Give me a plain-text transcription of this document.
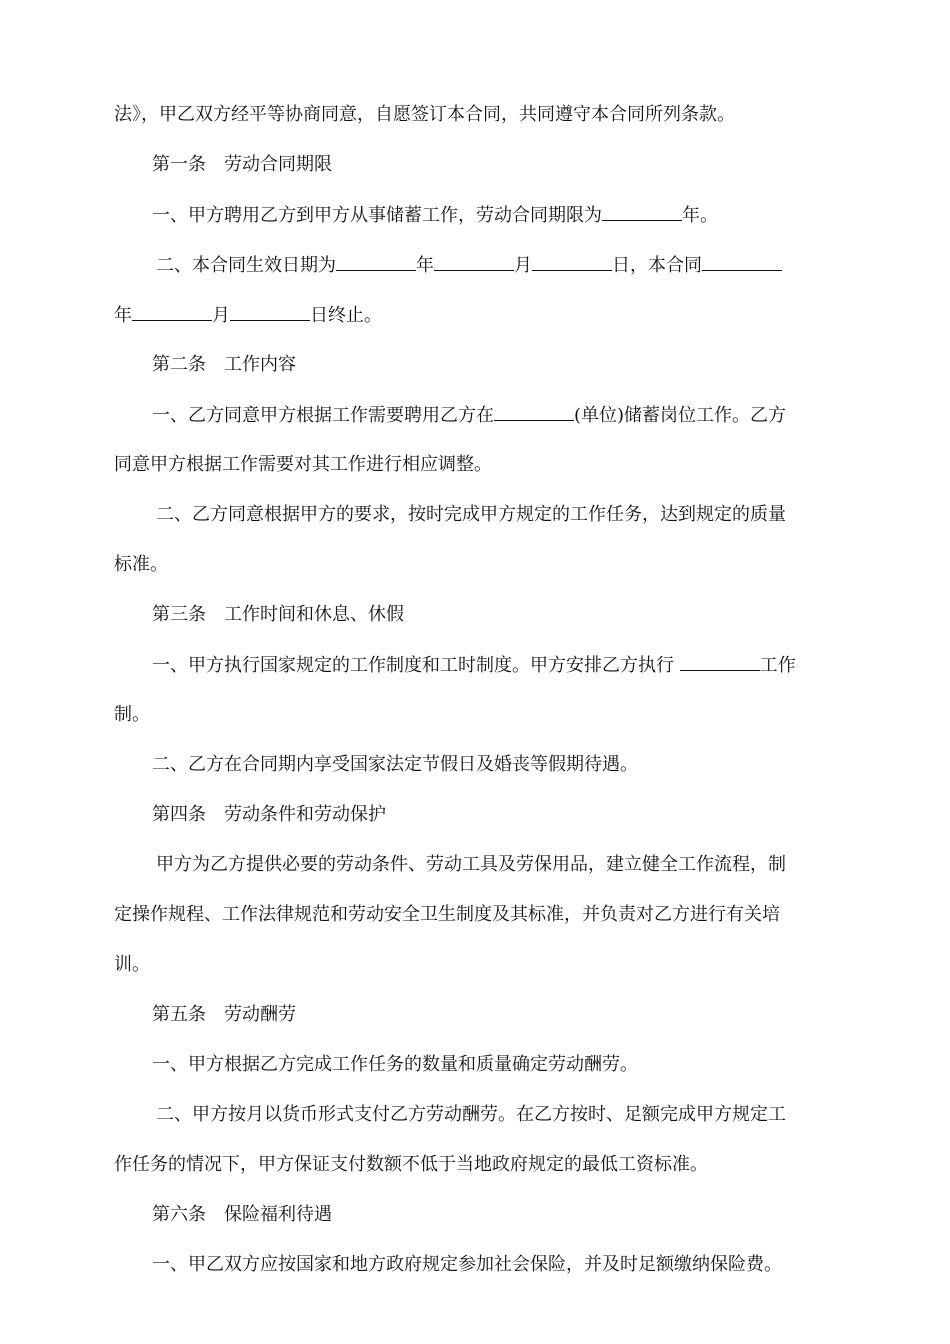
法》，甲乙双方经平等协商同意，自愿签订本合同，共同遵守本合同所列条款。
第一条 劳动合同期限
一、甲方聘用乙方到甲方从事储蓄工作，劳动合同期限为	年。
二、本合同生效日期为	年	月	日，本合同
年	月	日终止。
第二条 工作内容
一、乙方同意甲方根据工作需要聘用乙方在	(单位)储蓄岗位工作。乙方
同意甲方根据工作需要对其工作进行相应调整。
二、乙方同意根据甲方的要求，按时完成甲方规定的工作任务，达到规定的质量
标准。
第三条 工作时间和休息、休假
一、甲方执行国家规定的工作制度和工时制度。甲方安排乙方执行	工作
制。
二、乙方在合同期内享受国家法定节假日及婚丧等假期待遇。
第四条 劳动条件和劳动保护
甲方为乙方提供必要的劳动条件、劳动工具及劳保用品，建立健全工作流程，制
定操作规程、工作法律规范和劳动安全卫生制度及其标准，并负责对乙方进行有关培
训。
第五条 劳动酬劳
一、甲方根据乙方完成工作任务的数量和质量确定劳动酬劳。
二、甲方按月以货币形式支付乙方劳动酬劳。在乙方按时、足额完成甲方规定工
作任务的情况下，甲方保证支付数额不低于当地政府规定的最低工资标准。
第六条 保险福利待遇
一、甲乙双方应按国家和地方政府规定参加社会保险，并及时足额缴纳保险费。
